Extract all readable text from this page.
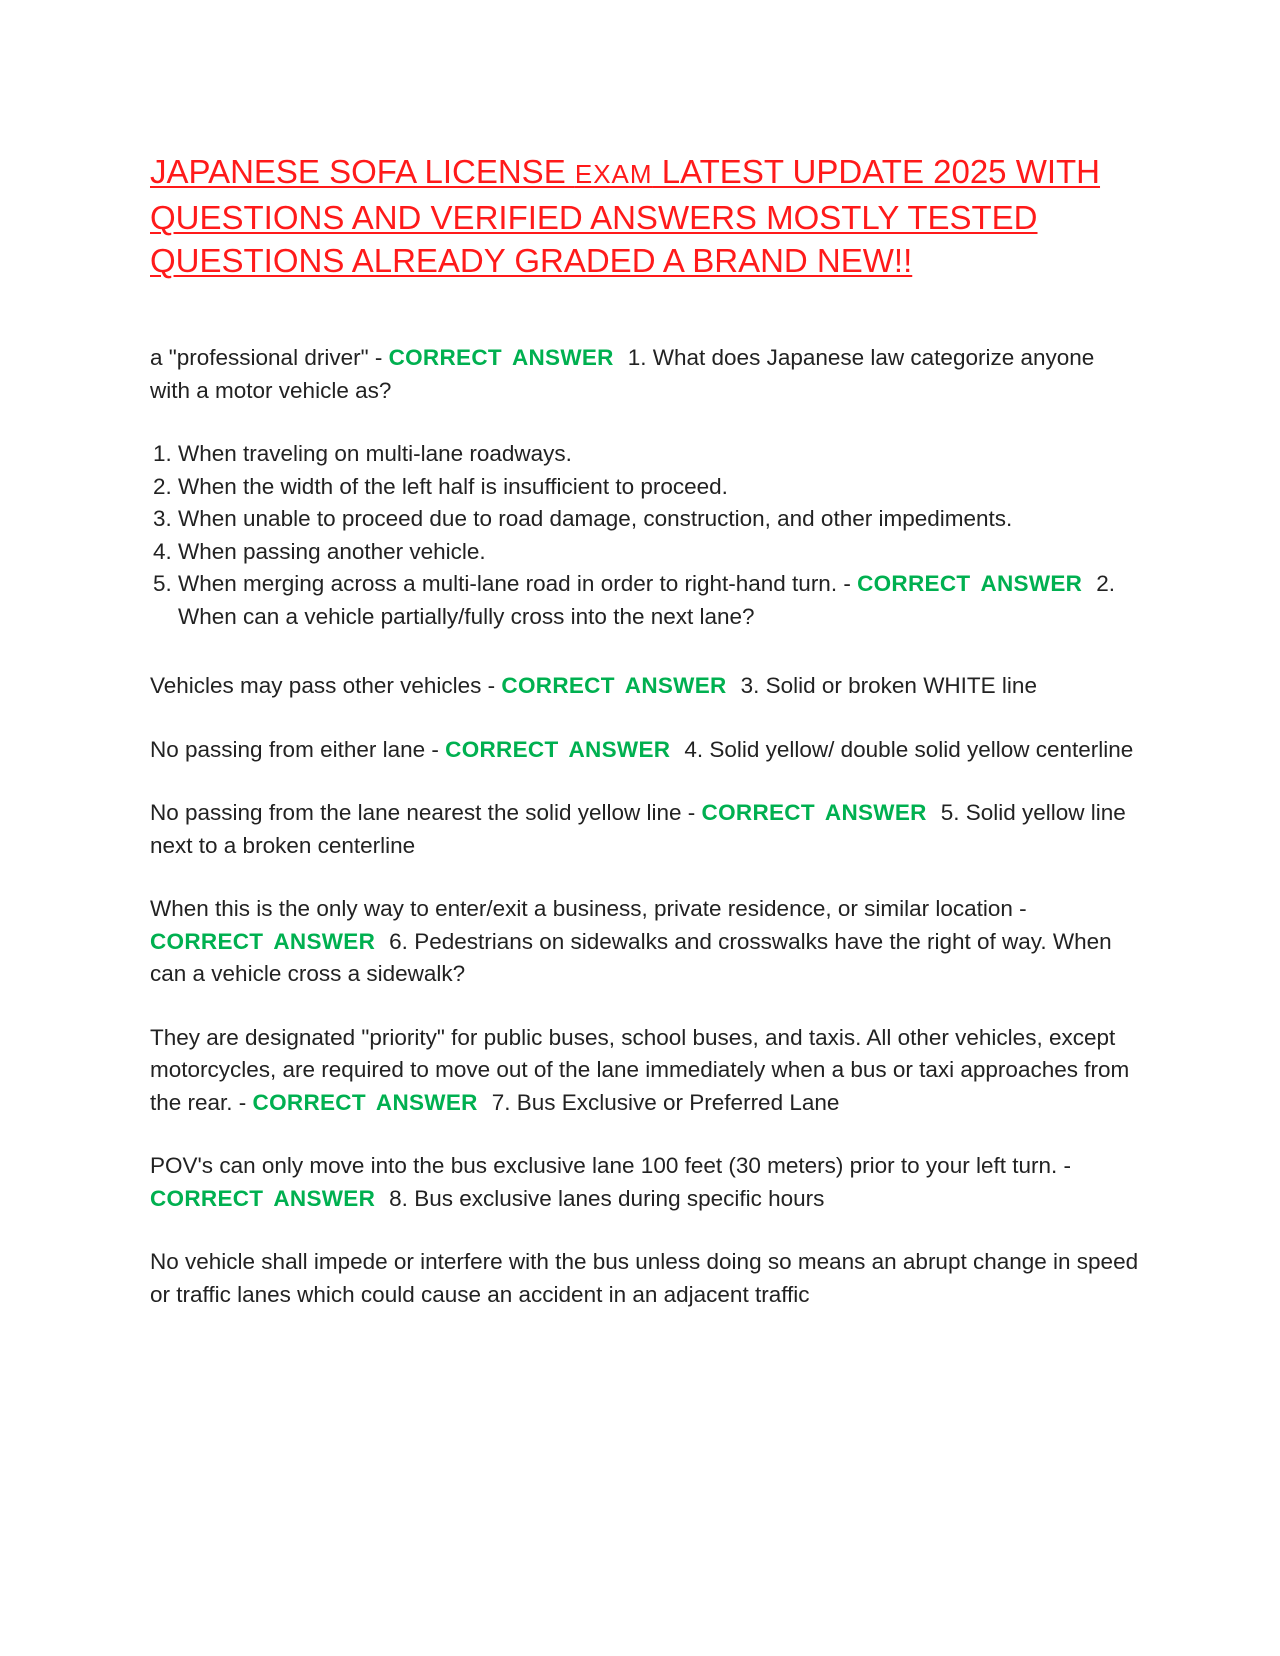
JAPANESE SOFA LICENSE EXAM LATEST UPDATE 2025 WITH QUESTIONS AND VERIFIED ANSWERS MOSTLY TESTED QUESTIONS ALREADY GRADED A BRAND NEW!!

a "professional driver" - CORRECT ANSWER 1. What does Japanese law categorize anyone with a motor vehicle as?

1. When traveling on multi-lane roadways.
2. When the width of the left half is insufficient to proceed.
3. When unable to proceed due to road damage, construction, and other impediments.
4. When passing another vehicle.
5. When merging across a multi-lane road in order to right-hand turn. - CORRECT ANSWER 2. When can a vehicle partially/fully cross into the next lane?

Vehicles may pass other vehicles - CORRECT ANSWER 3. Solid or broken WHITE line

No passing from either lane - CORRECT ANSWER 4. Solid yellow/ double solid yellow centerline

No passing from the lane nearest the solid yellow line - CORRECT ANSWER 5. Solid yellow line next to a broken centerline

When this is the only way to enter/exit a business, private residence, or similar location - CORRECT ANSWER 6. Pedestrians on sidewalks and crosswalks have the right of way. When can a vehicle cross a sidewalk?

They are designated "priority" for public buses, school buses, and taxis. All other vehicles, except motorcycles, are required to move out of the lane immediately when a bus or taxi approaches from the rear. - CORRECT ANSWER 7. Bus Exclusive or Preferred Lane

POV's can only move into the bus exclusive lane 100 feet (30 meters) prior to your left turn. - CORRECT ANSWER 8. Bus exclusive lanes during specific hours

No vehicle shall impede or interfere with the bus unless doing so means an abrupt change in speed or traffic lanes which could cause an accident in an adjacent traffic
